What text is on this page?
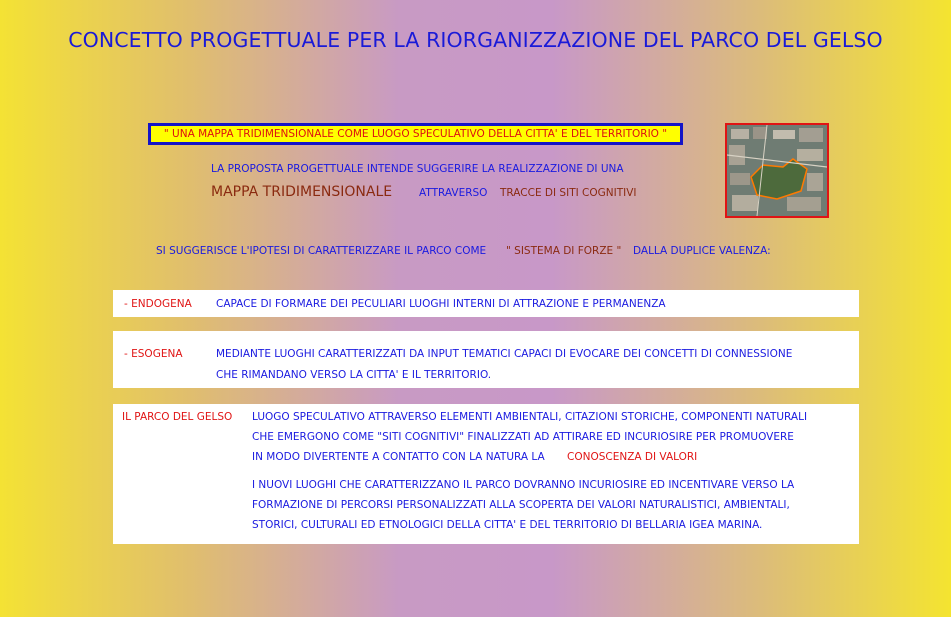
CONCETTO PROGETTUALE PER LA RIORGANIZZAZIONE DEL PARCO DEL GELSO
" UNA MAPPA TRIDIMENSIONALE COME LUOGO SPECULATIVO DELLA CITTA' E DEL TERRITORIO "
LA PROPOSTA PROGETTUALE INTENDE SUGGERIRE LA REALIZZAZIONE DI UNA
MAPPA TRIDIMENSIONALE	ATTRAVERSO TRACCE DI SITI COGNITIVI
SI SUGGERISCE L'IPOTESI DI CARATTERIZZARE IL PARCO COME " SISTEMA DI FORZE " DALLA DUPLICE VALENZA:
- ENDOGENA CAPACE DI FORMARE DEI PECULIARI LUOGHI INTERNI DI ATTRAZIONE E PERMANENZA
- ESOGENA	MEDIANTE LUOGHI CARATTERIZZATI DA INPUT TEMATICI CAPACI DI EVOCARE DEI CONCETTI DI CONNESSIONE
CHE RIMANDANO VERSO LA CITTA' E IL TERRITORIO.
IL PARCO DEL GELSO LUOGO SPECULATIVO ATTRAVERSO ELEMENTI AMBIENTALI, CITAZIONI STORICHE, COMPONENTI NATURALI
CHE EMERGONO COME "SITI COGNITIVI" FINALIZZATI AD ATTIRARE ED INCURIOSIRE PER PROMUOVERE
IN MODO DIVERTENTE A CONTATTO CON LA NATURA LA CONOSCENZA DI VALORI
I NUOVI LUOGHI CHE CARATTERIZZANO IL PARCO DOVRANNO INCURIOSIRE ED INCENTIVARE VERSO LA
FORMAZIONE DI PERCORSI PERSONALIZZATI ALLA SCOPERTA DEI VALORI NATURALISTICI, AMBIENTALI,
STORICI, CULTURALI ED ETNOLOGICI DELLA CITTA' E DEL TERRITORIO DI BELLARIA IGEA MARINA.
